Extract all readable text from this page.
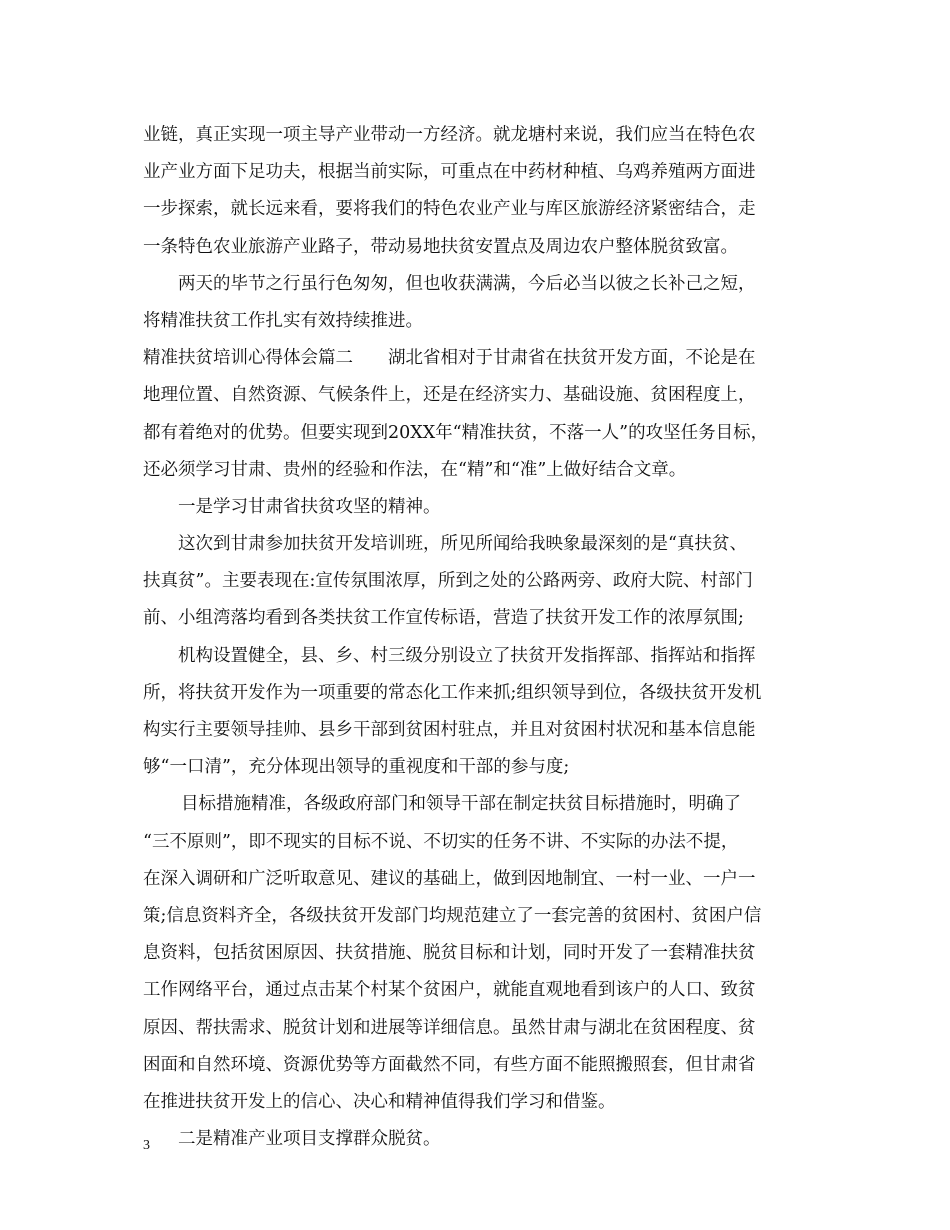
业链，真正实现一项主导产业带动一方经济。就龙塘村来说，我们应当在特色农
业产业方面下足功夫，根据当前实际，可重点在中药材种植、乌鸡养殖两方面进
一步探索，就长远来看，要将我们的特色农业产业与库区旅游经济紧密结合，走
一条特色农业旅游产业路子，带动易地扶贫安置点及周边农户整体脱贫致富。
两天的毕节之行虽行色匆匆，但也收获满满，今后必当以彼之长补己之短，
将精准扶贫工作扎实有效持续推进。
精准扶贫培训心得体会篇二　　湖北省相对于甘肃省在扶贫开发方面，不论是在
地理位置、自然资源、气候条件上，还是在经济实力、基础设施、贫困程度上，
都有着绝对的优势。但要实现到20XX年“精准扶贫，不落一人”的攻坚任务目标，
还必须学习甘肃、贵州的经验和作法，在“精”和“准”上做好结合文章。
一是学习甘肃省扶贫攻坚的精神。
这次到甘肃参加扶贫开发培训班，所见所闻给我映象最深刻的是“真扶贫、
扶真贫”。主要表现在:宣传氛围浓厚，所到之处的公路两旁、政府大院、村部门
前、小组湾落均看到各类扶贫工作宣传标语，营造了扶贫开发工作的浓厚氛围;
机构设置健全，县、乡、村三级分别设立了扶贫开发指挥部、指挥站和指挥
所，将扶贫开发作为一项重要的常态化工作来抓;组织领导到位，各级扶贫开发机
构实行主要领导挂帅、县乡干部到贫困村驻点，并且对贫困村状况和基本信息能
够“一口清”，充分体现出领导的重视度和干部的参与度;
目标措施精准，各级政府部门和领导干部在制定扶贫目标措施时，明确了
“三不原则”，即不现实的目标不说、不切实的任务不讲、不实际的办法不提，
在深入调研和广泛听取意见、建议的基础上，做到因地制宜、一村一业、一户一
策;信息资料齐全，各级扶贫开发部门均规范建立了一套完善的贫困村、贫困户信
息资料，包括贫困原因、扶贫措施、脱贫目标和计划，同时开发了一套精准扶贫
工作网络平台，通过点击某个村某个贫困户，就能直观地看到该户的人口、致贫
原因、帮扶需求、脱贫计划和进展等详细信息。虽然甘肃与湖北在贫困程度、贫
困面和自然环境、资源优势等方面截然不同，有些方面不能照搬照套，但甘肃省
在推进扶贫开发上的信心、决心和精神值得我们学习和借鉴。
二是精准产业项目支撑群众脱贫。
3
